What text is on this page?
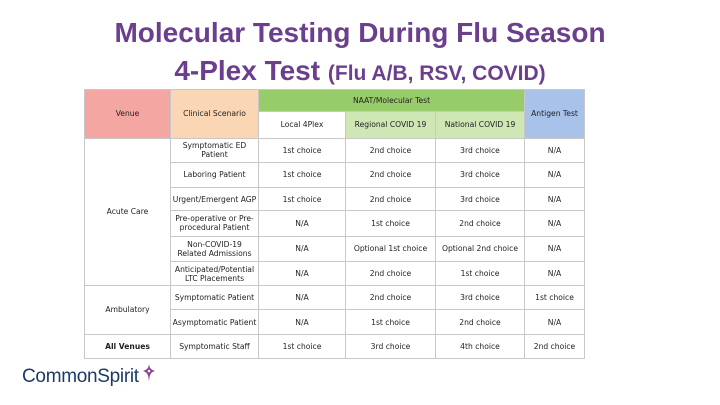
Molecular Testing During Flu Season
4-Plex Test (Flu A/B, RSV, COVID)
Venue	Clinical Scenario	NAAT/Molecular Test			Antigen Test
		Local 4Plex	Regional COVID 19	National COVID 19	
Acute Care	Symptomatic ED Patient	1st choice	2nd choice	3rd choice	N/A
	Laboring Patient	1st choice	2nd choice	3rd choice	N/A
	Urgent/Emergent AGP	1st choice	2nd choice	3rd choice	N/A
	Pre-operative or Pre-procedural Patient	N/A	1st choice	2nd choice	N/A
	Non-COVID-19 Related Admissions	N/A	Optional 1st choice	Optional 2nd choice	N/A
	Anticipated/Potential LTC Placements	N/A	2nd choice	1st choice	N/A
Ambulatory	Symptomatic Patient	N/A	2nd choice	3rd choice	1st choice
	Asymptomatic Patient	N/A	1st choice	2nd choice	N/A
All Venues	Symptomatic Staff	1st choice	3rd choice	4th choice	2nd choice
CommonSpirit
